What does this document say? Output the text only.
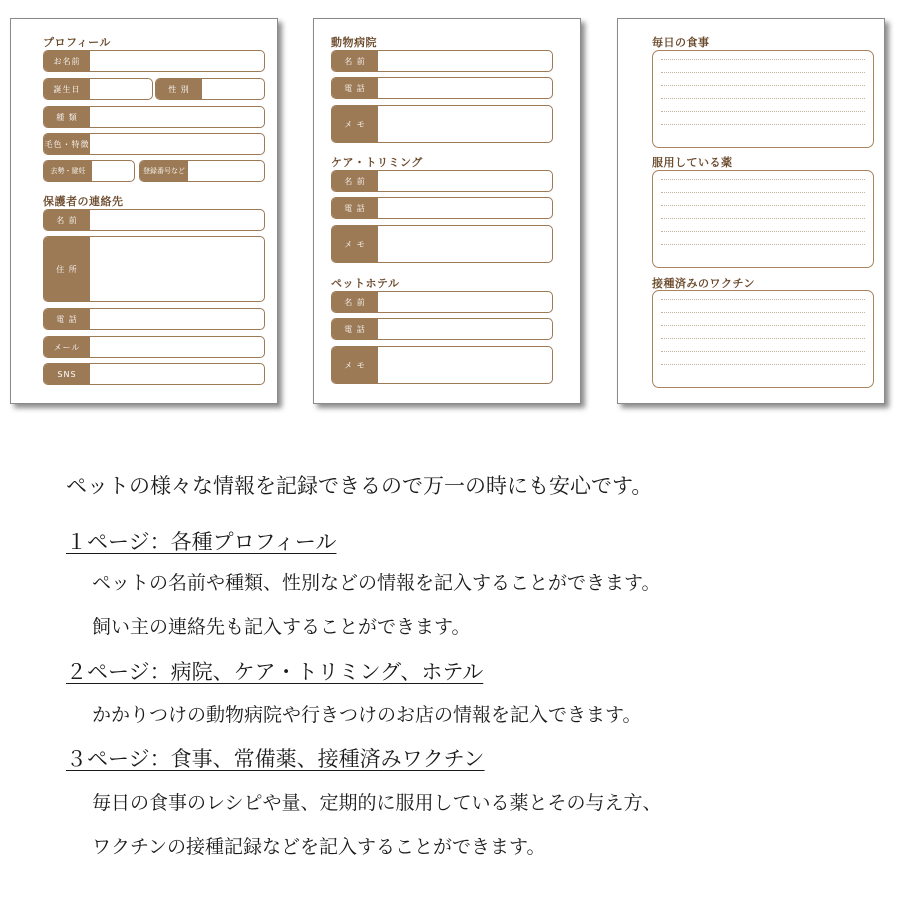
プロフィール
お名前
誕生日	性 別
種 類
毛色・特徴
去勢・避妊	登録番号など
保護者の連絡先
名 前
住 所
電 話
メール
SNS
動物病院
名 前
電 話
メ モ
ケア・トリミング
名 前
電 話
メ モ
ペットホテル
名 前
電 話
メ モ
毎日の食事
服用している薬
接種済みのワクチン
ペットの様々な情報を記録できるので万一の時にも安心です。
１ページ：各種プロフィール
ペットの名前や種類、性別などの情報を記入することができます。
飼い主の連絡先も記入することができます。
２ページ：病院、ケア・トリミング、ホテル
かかりつけの動物病院や行きつけのお店の情報を記入できます。
３ページ：食事、常備薬、接種済みワクチン
毎日の食事のレシピや量、定期的に服用している薬とその与え方、
ワクチンの接種記録などを記入することができます。
